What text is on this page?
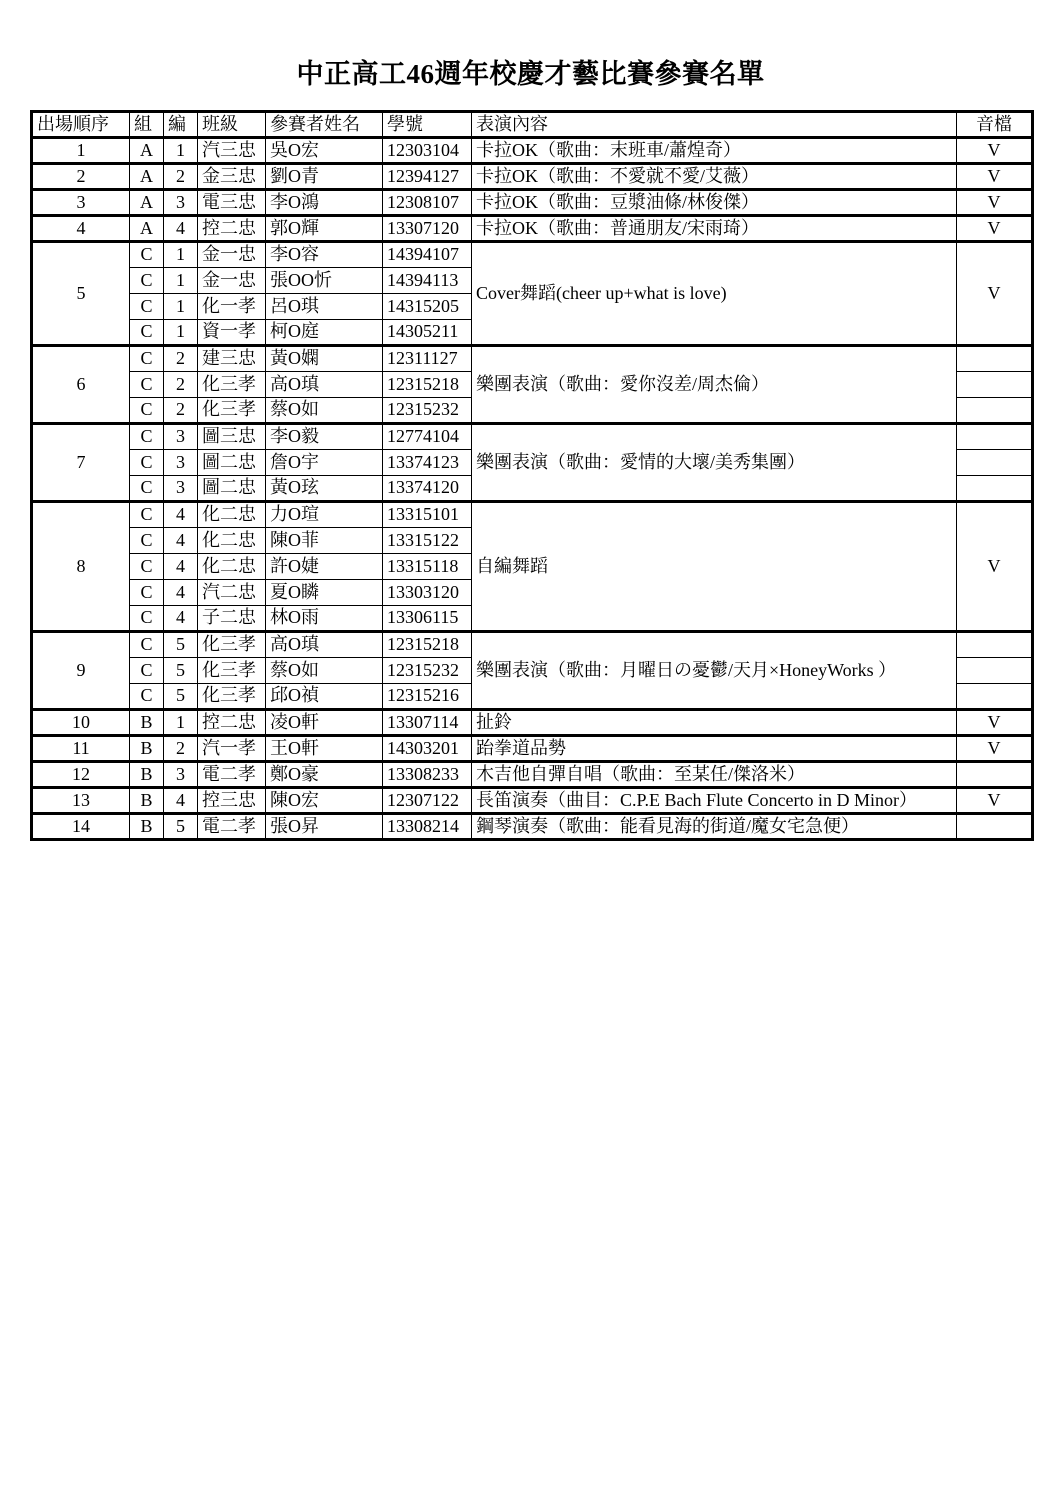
中正高工46週年校慶才藝比賽參賽名單
出場順序	組	編	班級	參賽者姓名	學號	表演內容	音檔
1	A	1	汽三忠	吳O宏	12303104	卡拉OK（歌曲：末班車/蕭煌奇）	V
2	A	2	金三忠	劉O青	12394127	卡拉OK（歌曲：不愛就不愛/艾薇）	V
3	A	3	電三忠	李O鴻	12308107	卡拉OK（歌曲：豆漿油條/林俊傑）	V
4	A	4	控二忠	郭O輝	13307120	卡拉OK（歌曲：普通朋友/宋雨琦）	V
5	C	1	金一忠	李O容	14394107	Cover舞蹈(cheer up+what is love)	V
	C	1	金一忠	張OO忻	14394113		
	C	1	化一孝	呂O琪	14315205		
	C	1	資一孝	柯O庭	14305211		
6	C	2	建三忠	黃O嫻	12311127	樂團表演（歌曲：愛你沒差/周杰倫）	
	C	2	化三孝	高O瑱	12315218		
	C	2	化三孝	蔡O如	12315232		
7	C	3	圖三忠	李O毅	12774104	樂團表演（歌曲：愛情的大壞/美秀集團）	
	C	3	圖二忠	詹O宇	13374123		
	C	3	圖二忠	黃O玹	13374120		
8	C	4	化二忠	力O瑄	13315101	自編舞蹈	V
	C	4	化二忠	陳O菲	13315122		
	C	4	化二忠	許O婕	13315118		
	C	4	汽二忠	夏O瞵	13303120		
	C	4	子二忠	林O雨	13306115		
9	C	5	化三孝	高O瑱	12315218	樂團表演（歌曲：月曜日の憂鬱/天月×HoneyWorks ）	
	C	5	化三孝	蔡O如	12315232		
	C	5	化三孝	邱O禎	12315216		
10	B	1	控二忠	凌O軒	13307114	扯鈴	V
11	B	2	汽一孝	王O軒	14303201	跆拳道品勢	V
12	B	3	電二孝	鄭O豪	13308233	木吉他自彈自唱（歌曲：至某任/傑洛米）	
13	B	4	控三忠	陳O宏	12307122	長笛演奏（曲目：C.P.E Bach Flute Concerto in D Minor）	V
14	B	5	電二孝	張O昇	13308214	鋼琴演奏（歌曲：能看見海的街道/魔女宅急便）	
